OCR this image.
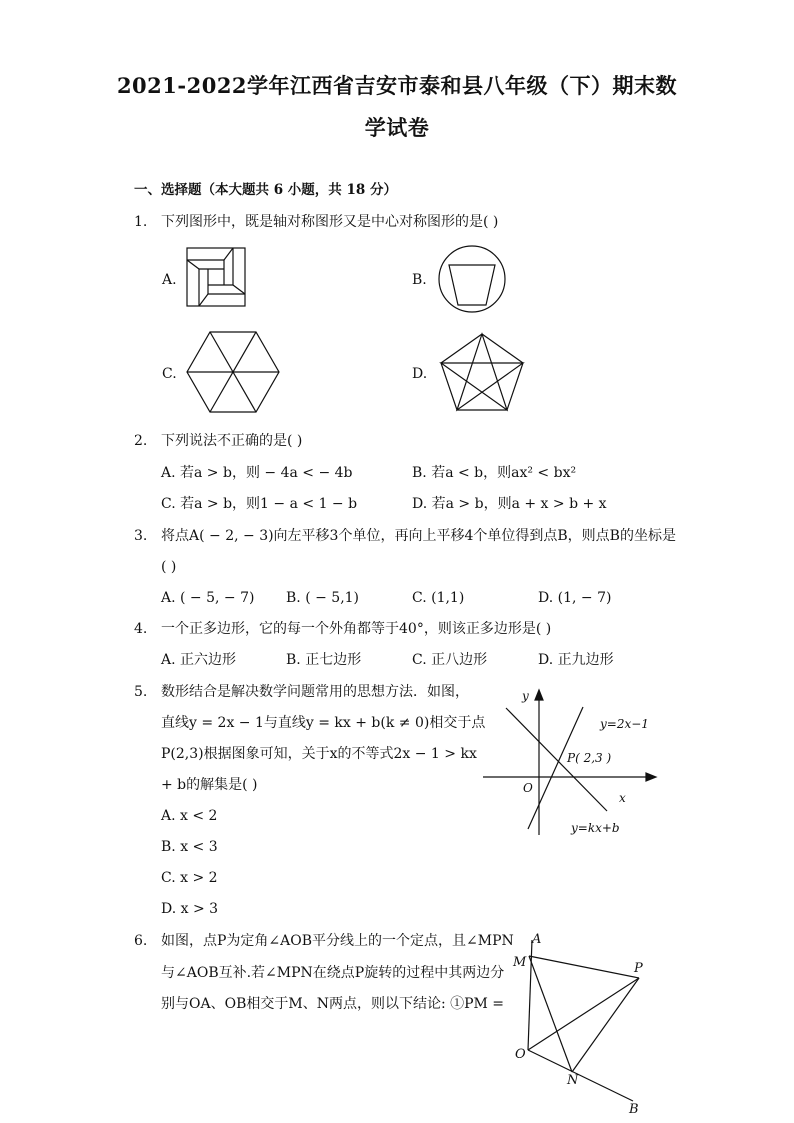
2021-2022学年江西省吉安市泰和县八年级（下）期末数
学试卷
一、选择题（本大题共 6 小题，共 18 分）
1. 下列图形中，既是轴对称图形又是中心对称图形的是( )
A.	B.
C.	D.
2. 下列说法不正确的是( )
A. 若a > b，则 − 4a < − 4b	B. 若a < b，则ax² < bx²
C. 若a > b，则1 − a < 1 − b	D. 若a > b，则a + x > b + x
3. 将点A( − 2, − 3)向左平移3个单位，再向上平移4个单位得到点B，则点B的坐标是
( )
A. ( − 5, − 7) B. ( − 5,1)	C. (1,1)	D. (1, − 7)
4. 一个正多边形，它的每一个外角都等于40°，则该正多边形是( )
A. 正六边形	B. 正七边形	C. 正八边形	D. 正九边形
5. 数形结合是解决数学问题常用的思想方法．如图，
直线y = 2x − 1与直线y = kx + b(k ≠ 0)相交于点
P(2,3)根据图象可知，关于x的不等式2x − 1 > kx
+ b的解集是( )
A. x < 2
B. x < 3
C. x > 2
D. x > 3
y
x
O
P( 2,3 )
y=2x−1
y=kx+b
6. 如图，点P为定角∠AOB平分线上的一个定点，且∠MPN
与∠AOB互补.若∠MPN在绕点P旋转的过程中其两边分
别与OA、OB相交于M、N两点，则以下结论: ①PM =
A
M	P
O
N
B
